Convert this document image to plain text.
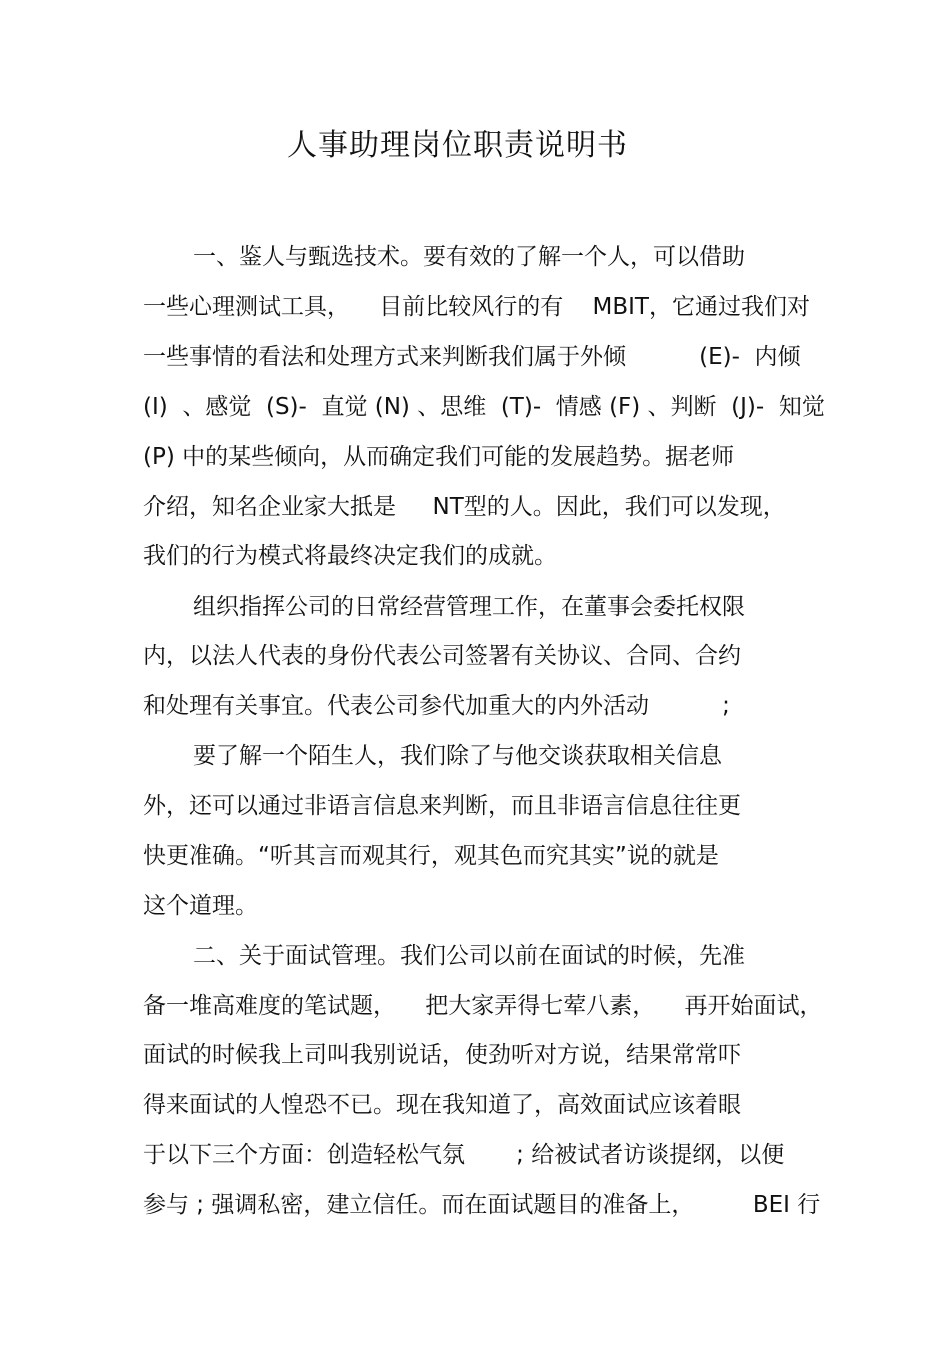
人事助理岗位职责说明书

一、鉴人与甄选技术。要有效的了解一个人，可以借助

一些心理测试工具，    目前比较风行的有    MBIT，它通过我们对

一些事情的看法和处理方式来判断我们属于外倾          (E)-  内倾

(I)  、感觉  (S)-  直觉 (N) 、思维  (T)-  情感 (F) 、判断  (J)-  知觉

(P) 中的某些倾向，从而确定我们可能的发展趋势。据老师

介绍，知名企业家大抵是     NT型的人。因此，我们可以发现，

我们的行为模式将最终决定我们的成就。

组织指挥公司的日常经营管理工作，在董事会委托权限

内，以法人代表的身份代表公司签署有关协议、合同、合约

和处理有关事宜。代表公司参代加重大的内外活动          ;

要了解一个陌生人，我们除了与他交谈获取相关信息

外，还可以通过非语言信息来判断，而且非语言信息往往更

快更准确。“听其言而观其行，观其色而究其实”说的就是

这个道理。

二、关于面试管理。我们公司以前在面试的时候，先准

备一堆高难度的笔试题，    把大家弄得七荤八素，    再开始面试，

面试的时候我上司叫我别说话，使劲听对方说，结果常常吓

得来面试的人惶恐不已。现在我知道了，高效面试应该着眼

于以下三个方面：创造轻松气氛       ; 给被试者访谈提纲，以便

参与 ; 强调私密，建立信任。而在面试题目的准备上，        BEI 行
